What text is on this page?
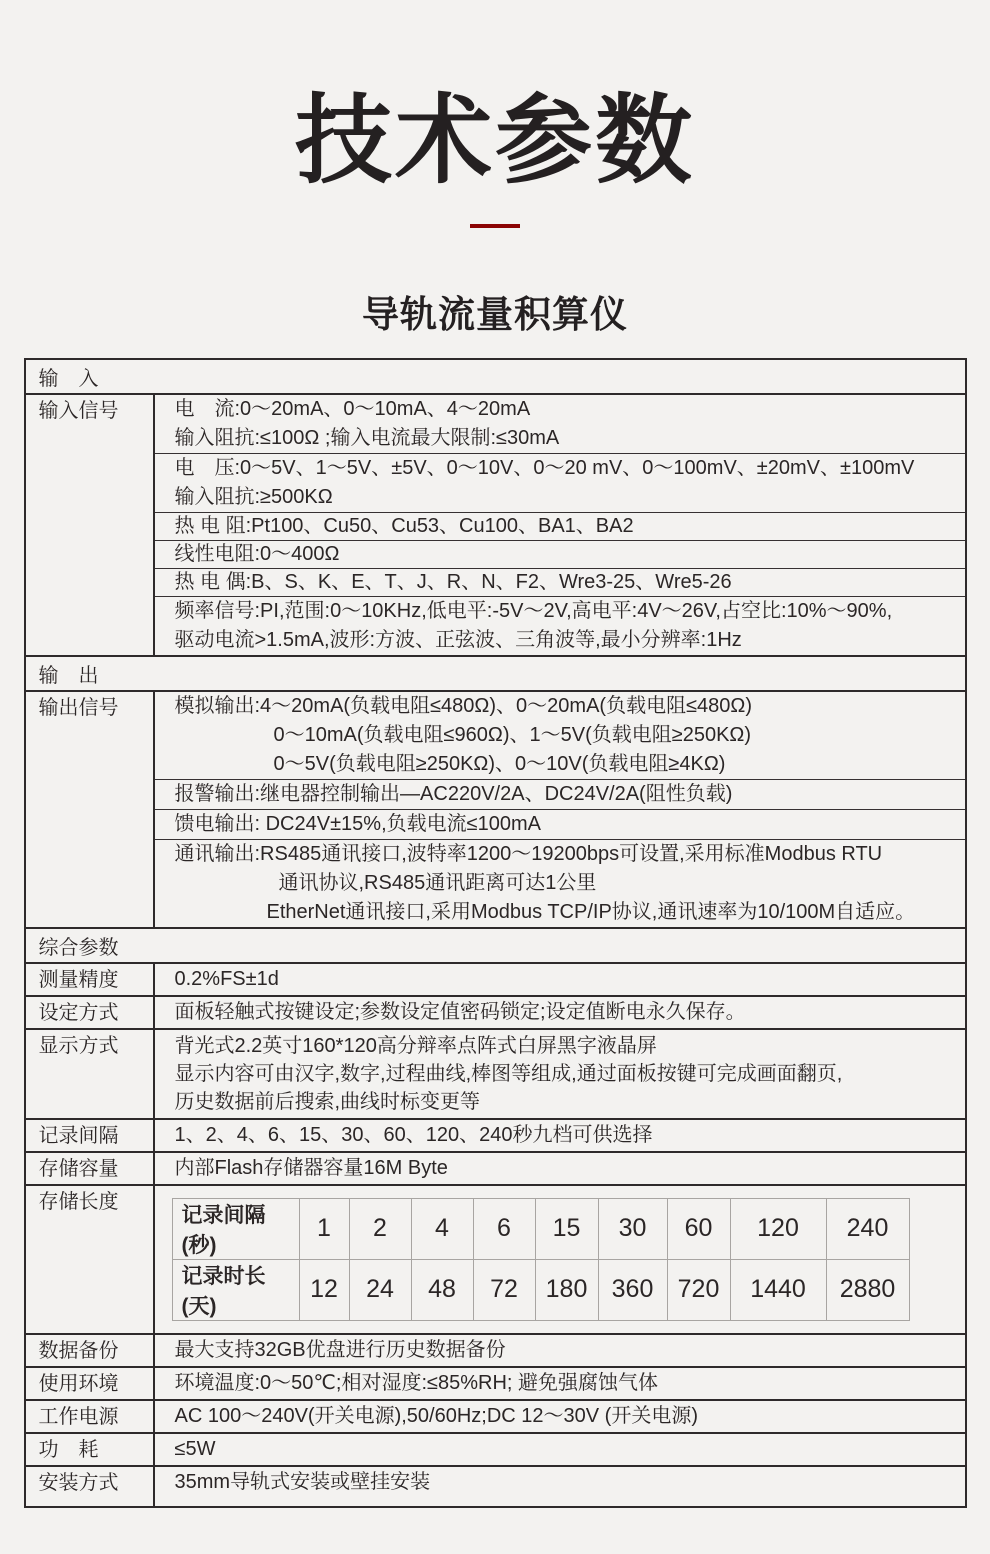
技术参数
导轨流量积算仪
输　入
输入信号	电　流:0～20mA、0～10mA、4～20mA
输入阻抗:≤100Ω ;输入电流最大限制:≤30mA
电　压:0～5V、1～5V、±5V、0～10V、0～20 mV、0～100mV、±20mV、±100mV
输入阻抗:≥500KΩ
热 电 阻:Pt100、Cu50、Cu53、Cu100、BA1、BA2
线性电阻:0～400Ω
热 电 偶:B、S、K、E、T、J、R、N、F2、Wre3-25、Wre5-26
频率信号:PI,范围:0～10KHz,低电平:-5V～2V,高电平:4V～26V,占空比:10%～90%,
驱动电流>1.5mA,波形:方波、正弦波、三角波等,最小分辨率:1Hz
输　出
输出信号	模拟输出:4～20mA(负载电阻≤480Ω)、0～20mA(负载电阻≤480Ω)
0～10mA(负载电阻≤960Ω)、1～5V(负载电阻≥250KΩ)
0～5V(负载电阻≥250KΩ)、0～10V(负载电阻≥4KΩ)
报警输出:继电器控制输出—AC220V/2A、DC24V/2A(阻性负载)
馈电输出: DC24V±15%,负载电流≤100mA
通讯输出:RS485通讯接口,波特率1200～19200bps可设置,采用标准Modbus RTU
通讯协议,RS485通讯距离可达1公里
EtherNet通讯接口,采用Modbus TCP/IP协议,通讯速率为10/100M自适应。
综合参数
测量精度	0.2%FS±1d
设定方式	面板轻触式按键设定;参数设定值密码锁定;设定值断电永久保存。
显示方式	背光式2.2英寸160*120高分辩率点阵式白屏黑字液晶屏
显示内容可由汉字,数字,过程曲线,棒图等组成,通过面板按键可完成画面翻页,
历史数据前后搜索,曲线时标变更等
记录间隔	1、2、4、6、15、30、60、120、240秒九档可供选择
存储容量	内部Flash存储器容量16M Byte
存储长度
记录间隔(秒)	1	2	4	6	15	30	60	120	240
记录时长(天)	12	24	48	72	180	360	720	1440	2880
数据备份	最大支持32GB优盘进行历史数据备份
使用环境	环境温度:0～50℃;相对湿度:≤85%RH; 避免强腐蚀气体
工作电源	AC 100～240V(开关电源),50/60Hz;DC 12～30V (开关电源)
功　耗	≤5W
安装方式	35mm导轨式安装或壁挂安装
